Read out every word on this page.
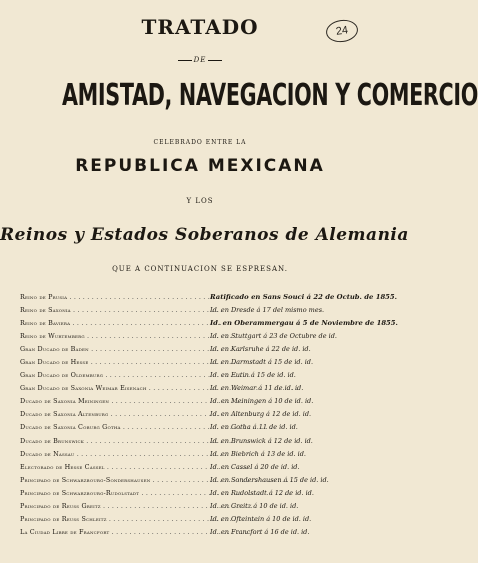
24
TRATADO
DE
AMISTAD, NAVEGACION Y COMERCIO
CELEBRADO ENTRE LA
REPUBLICA MEXICANA
Y LOS
Reinos y Estados Soberanos de Alemania
QUE A CONTINUACION SE ESPRESAN.
Reino de Prusia . . .	Ratificado en Sans Souci á 22 de Octub. de 1855.
Reino de Saxonia . . .	Id. en Dresde á 17 del mismo mes.
Reino de Baviera . . .	Id. en Oberammergau á 5 de Noviembre de 1855.
Reino de Wurtemberg . . .	Id. en Stuttgart á 23 de Octubre de id.
Gran Ducado de Baden . . .	Id. en Karlsruhe á 22 de id. id.
Gran Ducado de Hesse . . .	Id. en Darmstadt á 15 de id. id.
Gran Ducado de Oldemburg . . .	Id. en Eutin á 15 de id. id.
Gran Ducado de Saxonia Weimar Eisenach . . .	Id. en Weimar á 11 de id. id.
Ducado de Saxonia Meiningen . . .	Id. en Meiningen á 10 de id. id.
Ducado de Saxonia Altenburg . . .	Id. en Altenburg á 12 de id. id.
Ducado de Saxonia Coburg Gotha . . .	Id. en Gotha á 11 de id. id.
Ducado de Brunswick . . .	Id. en Brunswick á 12 de id. id.
Ducado de Nassau . . .	Id. en Biebrich á 13 de id. id.
Electorado de Hesse Cassel . . .	Id. en Cassel á 20 de id. id.
Principado de Schwarzbourg-Sondershausen . . .	Id. en Sondershausen á 15 de id. id.
Principado de Schwarzbourg-Rudolstadt . . .	Id. en Rudolstadt á 12 de id. id.
Principado de Reuss Greitz . . .	Id. en Greitz á 10 de id. id.
Principado de Reuss Schleitz . . .	Id. en Ofteintein á 10 de id. id.
La Ciudad Libre de Francfort . . .	Id. en Francfort á 16 de id. id.
